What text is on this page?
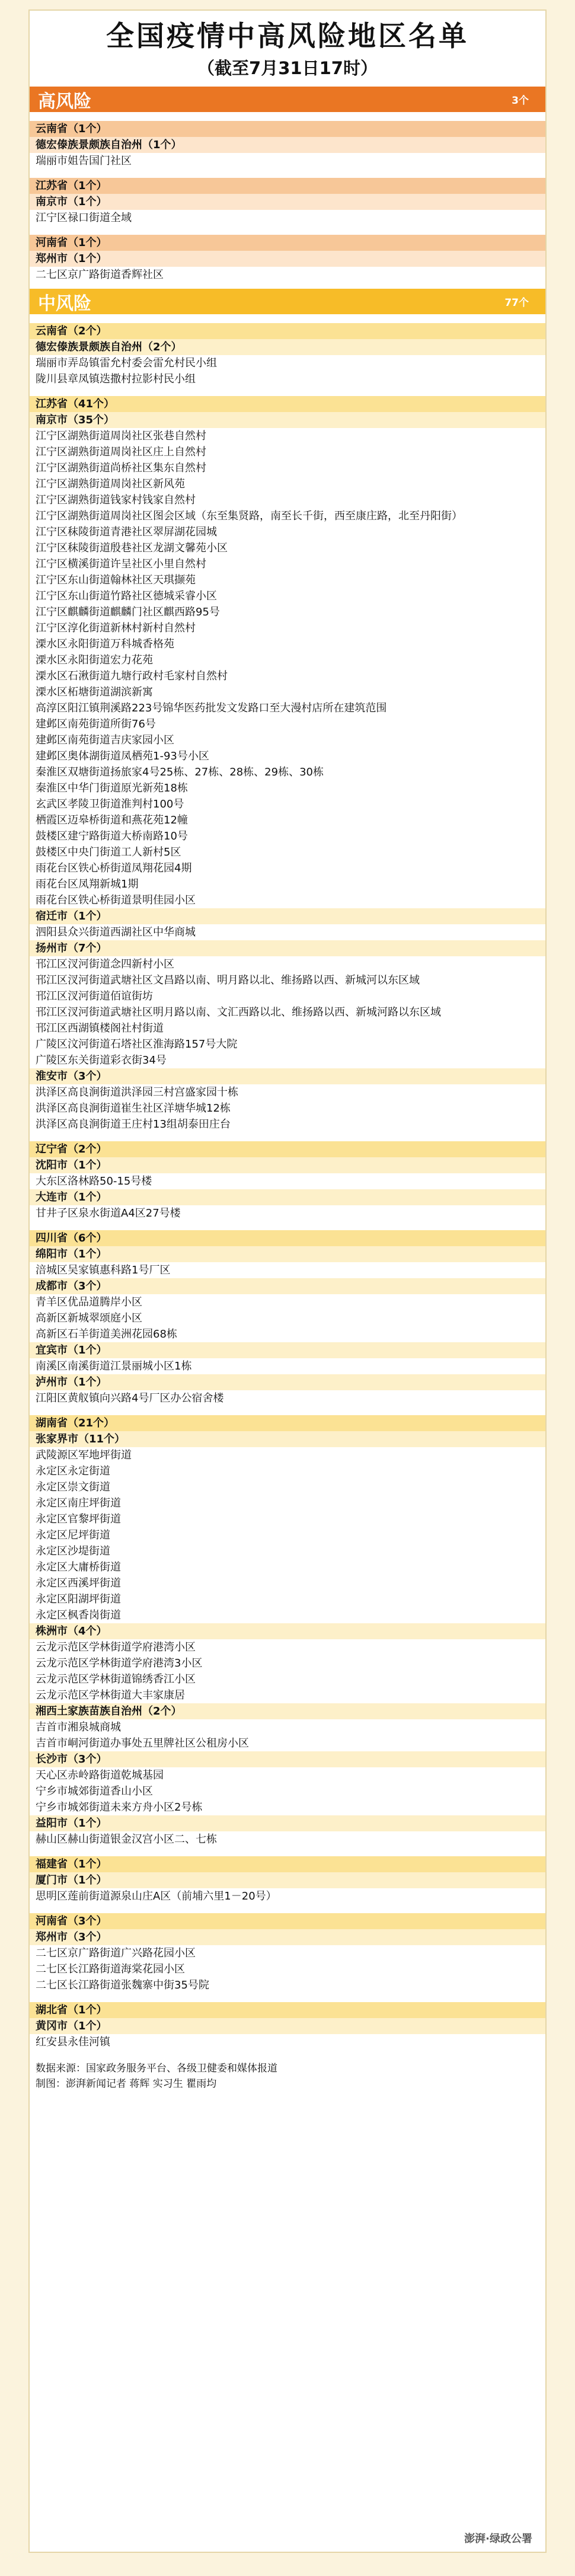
全国疫情中高风险地区名单
（截至7月31日17时）
高风险	3个
云南省（1个）
德宏傣族景颇族自治州（1个）
瑞丽市姐告国门社区
江苏省（1个）
南京市（1个）
江宁区禄口街道全域
河南省（1个）
郑州市（1个）
二七区京广路街道香辉社区
中风险	77个
云南省（2个）
德宏傣族景颇族自治州（2个）
瑞丽市弄岛镇雷允村委会雷允村民小组
陇川县章凤镇迭撒村拉影村民小组
江苏省（41个）
南京市（35个）
江宁区湖熟街道周岗社区张巷自然村
江宁区湖熟街道周岗社区庄上自然村
江宁区湖熟街道尚桥社区集东自然村
江宁区湖熟街道周岗社区新风苑
江宁区湖熟街道钱家村钱家自然村
江宁区湖熟街道周岗社区图会区域（东至集贤路，南至长千街，西至康庄路，北至丹阳街）
江宁区秣陵街道青港社区翠屏湖花园城
江宁区秣陵街道殷巷社区龙湖文馨苑小区
江宁区横溪街道许呈社区小里自然村
江宁区东山街道翰林社区天琪撷苑
江宁区东山街道竹路社区德城采睿小区
江宁区麒麟街道麒麟门社区麒西路95号
江宁区淳化街道新林村新村自然村
溧水区永阳街道万科城香格苑
溧水区永阳街道宏力花苑
溧水区石湫街道九塘行政村毛家村自然村
溧水区柘塘街道湖滨新寓
高淳区阳江镇荆溪路223号锦华医药批发文发路口至大漫村店所在建筑范围
建邺区南苑街道所街76号
建邺区南苑街道吉庆家园小区
建邺区奥体湖街道凤栖苑1-93号小区
秦淮区双塘街道扬旅家4号25栋、27栋、28栋、29栋、30栋
秦淮区中华门街道原光新苑18栋
玄武区孝陵卫街道淮判村100号
栖霞区迈皋桥街道和燕花苑12幢
鼓楼区建宁路街道大桥南路10号
鼓楼区中央门街道工人新村5区
雨花台区铁心桥街道凤翔花园4期
雨花台区凤翔新城1期
雨花台区铁心桥街道景明佳园小区
宿迁市（1个）
泗阳县众兴街道西湖社区中华商城
扬州市（7个）
邗江区汊河街道念四新村小区
邗江区汊河街道武塘社区文昌路以南、明月路以北、维扬路以西、新城河以东区域
邗江区汊河街道佰谊街坊
邗江区汊河街道武塘社区明月路以南、文汇西路以北、维扬路以西、新城河路以东区域
邗江区西湖镇楼阁社村街道
广陵区汶河街道石塔社区淮海路157号大院
广陵区东关街道彩衣街34号
淮安市（3个）
洪泽区高良涧街道洪泽园三村宫盛家园十栋
洪泽区高良涧街道崔生社区洋塘华城12栋
洪泽区高良涧街道王庄村13组胡泰田庄台
辽宁省（2个）
沈阳市（1个）
大东区洛林路50-15号楼
大连市（1个）
甘井子区泉水街道A4区27号楼
四川省（6个）
绵阳市（1个）
涪城区吴家镇惠科路1号厂区
成都市（3个）
青羊区优品道腾岸小区
高新区新城翠颂庭小区
高新区石羊街道美洲花园68栋
宜宾市（1个）
南溪区南溪街道江景丽城小区1栋
泸州市（1个）
江阳区黄舣镇向兴路4号厂区办公宿舍楼
湖南省（21个）
张家界市（11个）
武陵源区军地坪街道
永定区永定街道
永定区崇文街道
永定区南庄坪街道
永定区官黎坪街道
永定区尼坪街道
永定区沙堤街道
永定区大庸桥街道
永定区西溪坪街道
永定区阳湖坪街道
永定区枫香岗街道
株洲市（4个）
云龙示范区学林街道学府港湾小区
云龙示范区学林街道学府港湾3小区
云龙示范区学林街道锦绣香江小区
云龙示范区学林街道大丰家康居
湘西土家族苗族自治州（2个）
吉首市湘泉城商城
吉首市峒河街道办事处五里牌社区公租房小区
长沙市（3个）
天心区赤岭路街道乾城基园
宁乡市城郊街道香山小区
宁乡市城郊街道未来方舟小区2号栋
益阳市（1个）
赫山区赫山街道银金汉宫小区二、七栋
福建省（1个）
厦门市（1个）
思明区莲前街道源泉山庄A区（前埔六里1－20号）
河南省（3个）
郑州市（3个）
二七区京广路街道广兴路花园小区
二七区长江路街道海棠花园小区
二七区长江路街道张魏寨中街35号院
湖北省（1个）
黄冈市（1个）
红安县永佳河镇
数据来源：国家政务服务平台、各级卫健委和媒体报道
制图：澎湃新闻记者 蒋辉 实习生 瞿雨均
澎湃·绿政公署
